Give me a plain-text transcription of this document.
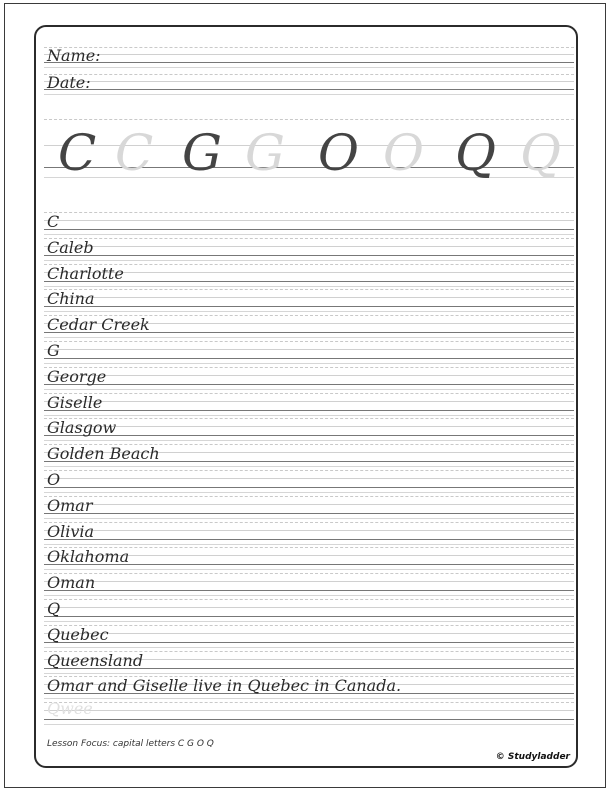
Name:
Date:
C C G G O O Q Q
C
Caleb
Charlotte
China
Cedar Creek
G
George
Giselle
Glasgow
Golden Beach
O
Omar
Olivia
Oklahoma
Oman
Q
Quebec
Queensland
Omar and Giselle live in Quebec in Canada.
Qwee
Lesson Focus: capital letters C G O Q
© Studyladder
